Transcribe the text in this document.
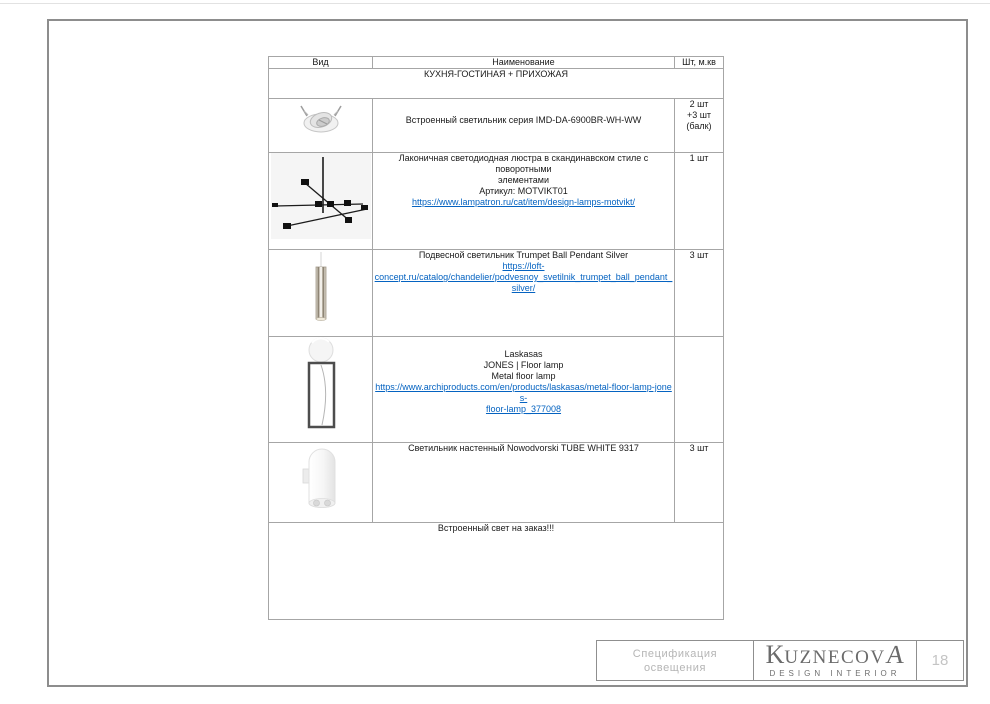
Вид	Наименование	Шт, м.кв
КУХНЯ-ГОСТИНАЯ + ПРИХОЖАЯ		

Встроенный светильник серия IMD-DA-6900BR-WH-WW	2 шт
+3 шт
(балк)

Лаконичная светодиодная люстра в скандинавском стиле с поворотными
элементами
Артикул: MOTVIKT01
https://www.lampatron.ru/cat/item/design-lamps-motvikt/	1 шт

Подвесной светильник Trumpet Ball Pendant Silver
https://loft-
concept.ru/catalog/chandelier/podvesnoy_svetilnik_trumpet_ball_pendant_silver/	3 шт

Laskasas
JONES | Floor lamp
Metal floor lamp
https://www.archiproducts.com/en/products/laskasas/metal-floor-lamp-jones-
floor-lamp_377008	

Светильник настенный Nowodvorski TUBE WHITE 9317	3 шт

Встроенный свет на заказ!!!		
Спецификация
освещения	K UZNECOV
A
DESIGN INTERIOR
18
